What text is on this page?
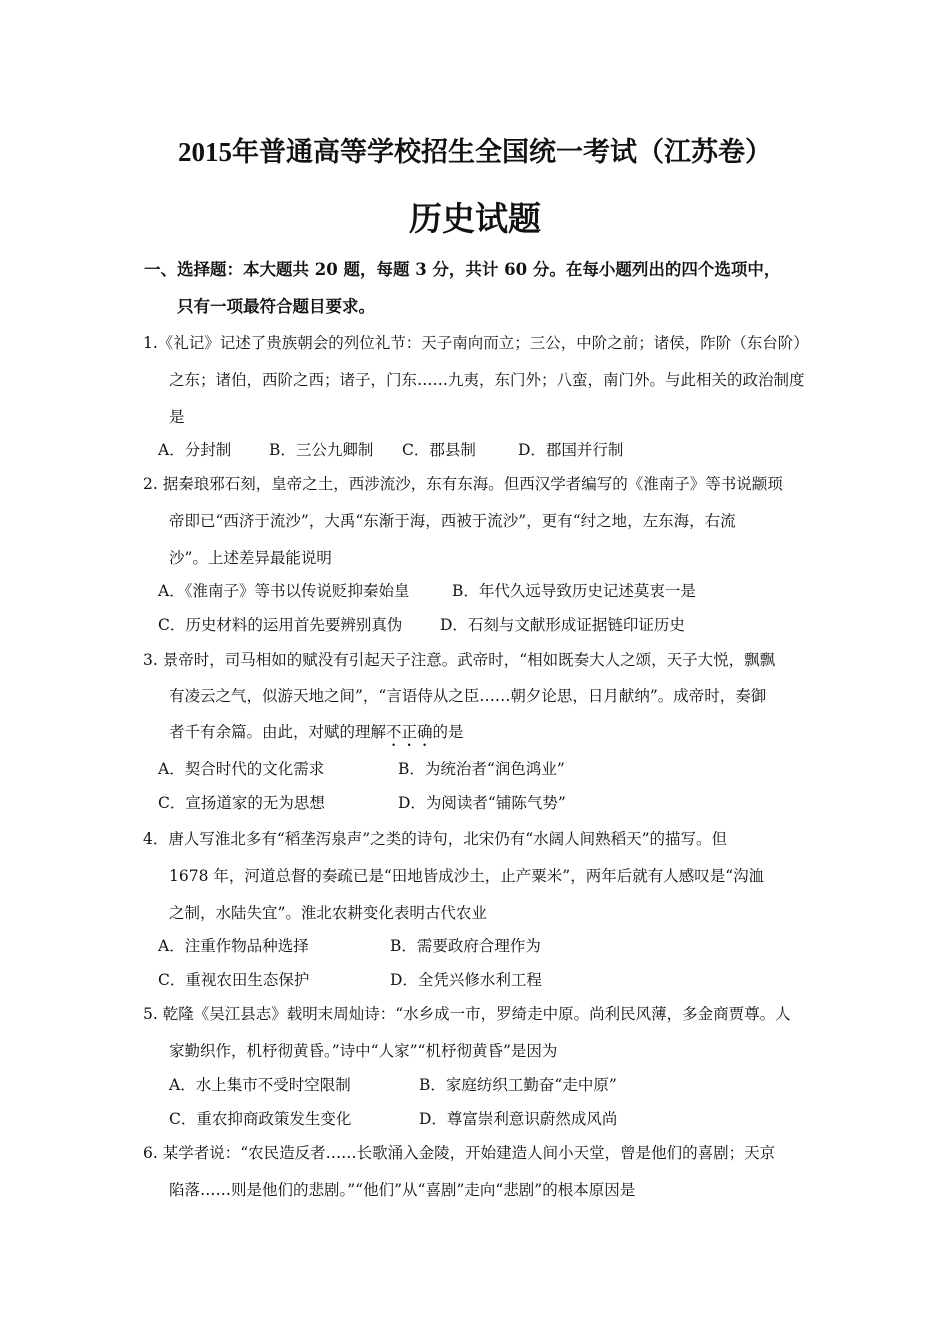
2015年普通高等学校招生全国统一考试（江苏卷）
历史试题
一、选择题：本大题共 20 题，每题 3 分，共计 60 分。在每小题列出的四个选项中，
只有一项最符合题目要求。
1.《礼记》记述了贵族朝会的列位礼节：天子南向而立；三公，中阶之前；诸侯，阼阶（东台阶）
之东；诸伯，西阶之西；诸子，门东……九夷，东门外；八蛮，南门外。与此相关的政治制度
是
A．分封制 B．三公九卿制 C．郡县制	D．郡国并行制
2. 据秦琅邪石刻，皇帝之土，西涉流沙，东有东海。但西汉学者编写的《淮南子》等书说颛顼
帝即已“西济于流沙”，大禹“东渐于海，西被于流沙”，更有“纣之地，左东海，右流
沙”。上述差异最能说明
A．《淮南子》等书以传说贬抑秦始皇	B．年代久远导致历史记述莫衷一是
C．历史材料的运用首先要辨别真伪 D．石刻与文献形成证据链印证历史
3. 景帝时，司马相如的赋没有引起天子注意。武帝时，“相如既奏大人之颂，天子大悦，飘飘
有凌云之气，似游天地之间”，“言语侍从之臣……朝夕论思，日月献纳”。成帝时，奏御
者千有余篇。由此，对赋的理解不正确的是
A．契合时代的文化需求	B．为统治者“润色鸿业”
C．宣扬道家的无为思想	D．为阅读者“铺陈气势”
4．唐人写淮北多有“稻垄泻泉声”之类的诗句，北宋仍有“水阔人间熟稻天”的描写。但
1678 年，河道总督的奏疏已是“田地皆成沙土，止产粟米”，两年后就有人感叹是“沟洫
之制，水陆失宜”。淮北农耕变化表明古代农业
A．注重作物品种选择	B．需要政府合理作为
C．重视农田生态保护	D．全凭兴修水利工程
5. 乾隆《吴江县志》载明末周灿诗：“水乡成一市，罗绮走中原。尚利民风薄，多金商贾尊。人
家勤织作，机杼彻黄昏。”诗中“人家”“机杼彻黄昏”是因为
A．水上集市不受时空限制	B．家庭纺织工勤奋“走中原”
C．重农抑商政策发生变化	D．尊富崇利意识蔚然成风尚
6. 某学者说：“农民造反者……长歌涌入金陵，开始建造人间小天堂，曾是他们的喜剧；天京
陷落……则是他们的悲剧。”“他们”从“喜剧”走向“悲剧”的根本原因是
